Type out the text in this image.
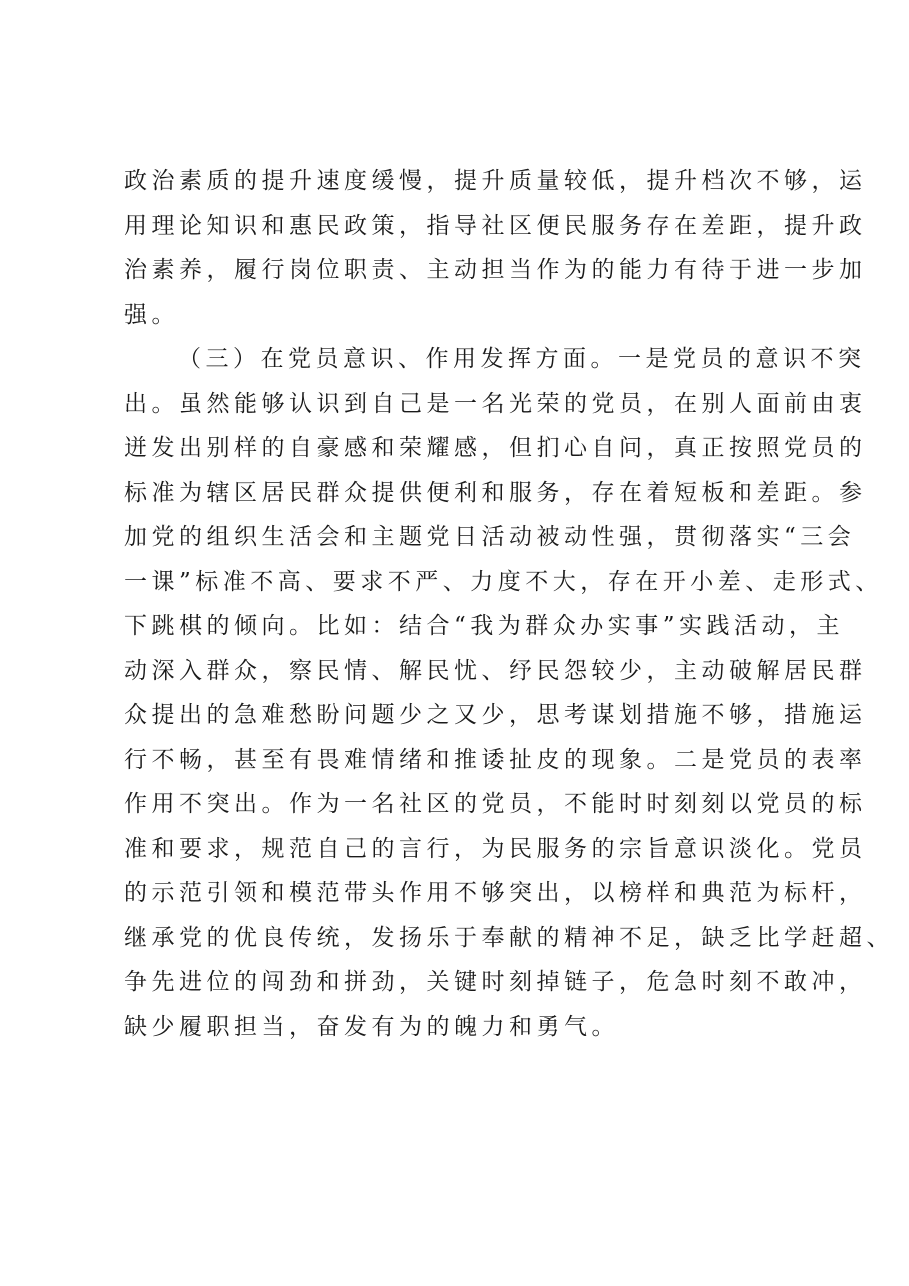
政治素质的提升速度缓慢，提升质量较低，提升档次不够，运
用理论知识和惠民政策，指导社区便民服务存在差距，提升政
治素养，履行岗位职责、主动担当作为的能力有待于进一步加
强。
（三）在党员意识、作用发挥方面。一是党员的意识不突
出。虽然能够认识到自己是一名光荣的党员，在别人面前由衷
迸发出别样的自豪感和荣耀感，但扪心自问，真正按照党员的
标准为辖区居民群众提供便利和服务，存在着短板和差距。参
加党的组织生活会和主题党日活动被动性强，贯彻落实“三会
一课”标准不高、要求不严、力度不大，存在开小差、走形式、
下跳棋的倾向。比如：结合“我为群众办实事”实践活动，主
动深入群众，察民情、解民忧、纾民怨较少，主动破解居民群
众提出的急难愁盼问题少之又少，思考谋划措施不够，措施运
行不畅，甚至有畏难情绪和推诿扯皮的现象。二是党员的表率
作用不突出。作为一名社区的党员，不能时时刻刻以党员的标
准和要求，规范自己的言行，为民服务的宗旨意识淡化。党员
的示范引领和模范带头作用不够突出，以榜样和典范为标杆，
继承党的优良传统，发扬乐于奉献的精神不足，缺乏比学赶超、
争先进位的闯劲和拼劲，关键时刻掉链子，危急时刻不敢冲，
缺少履职担当，奋发有为的魄力和勇气。
